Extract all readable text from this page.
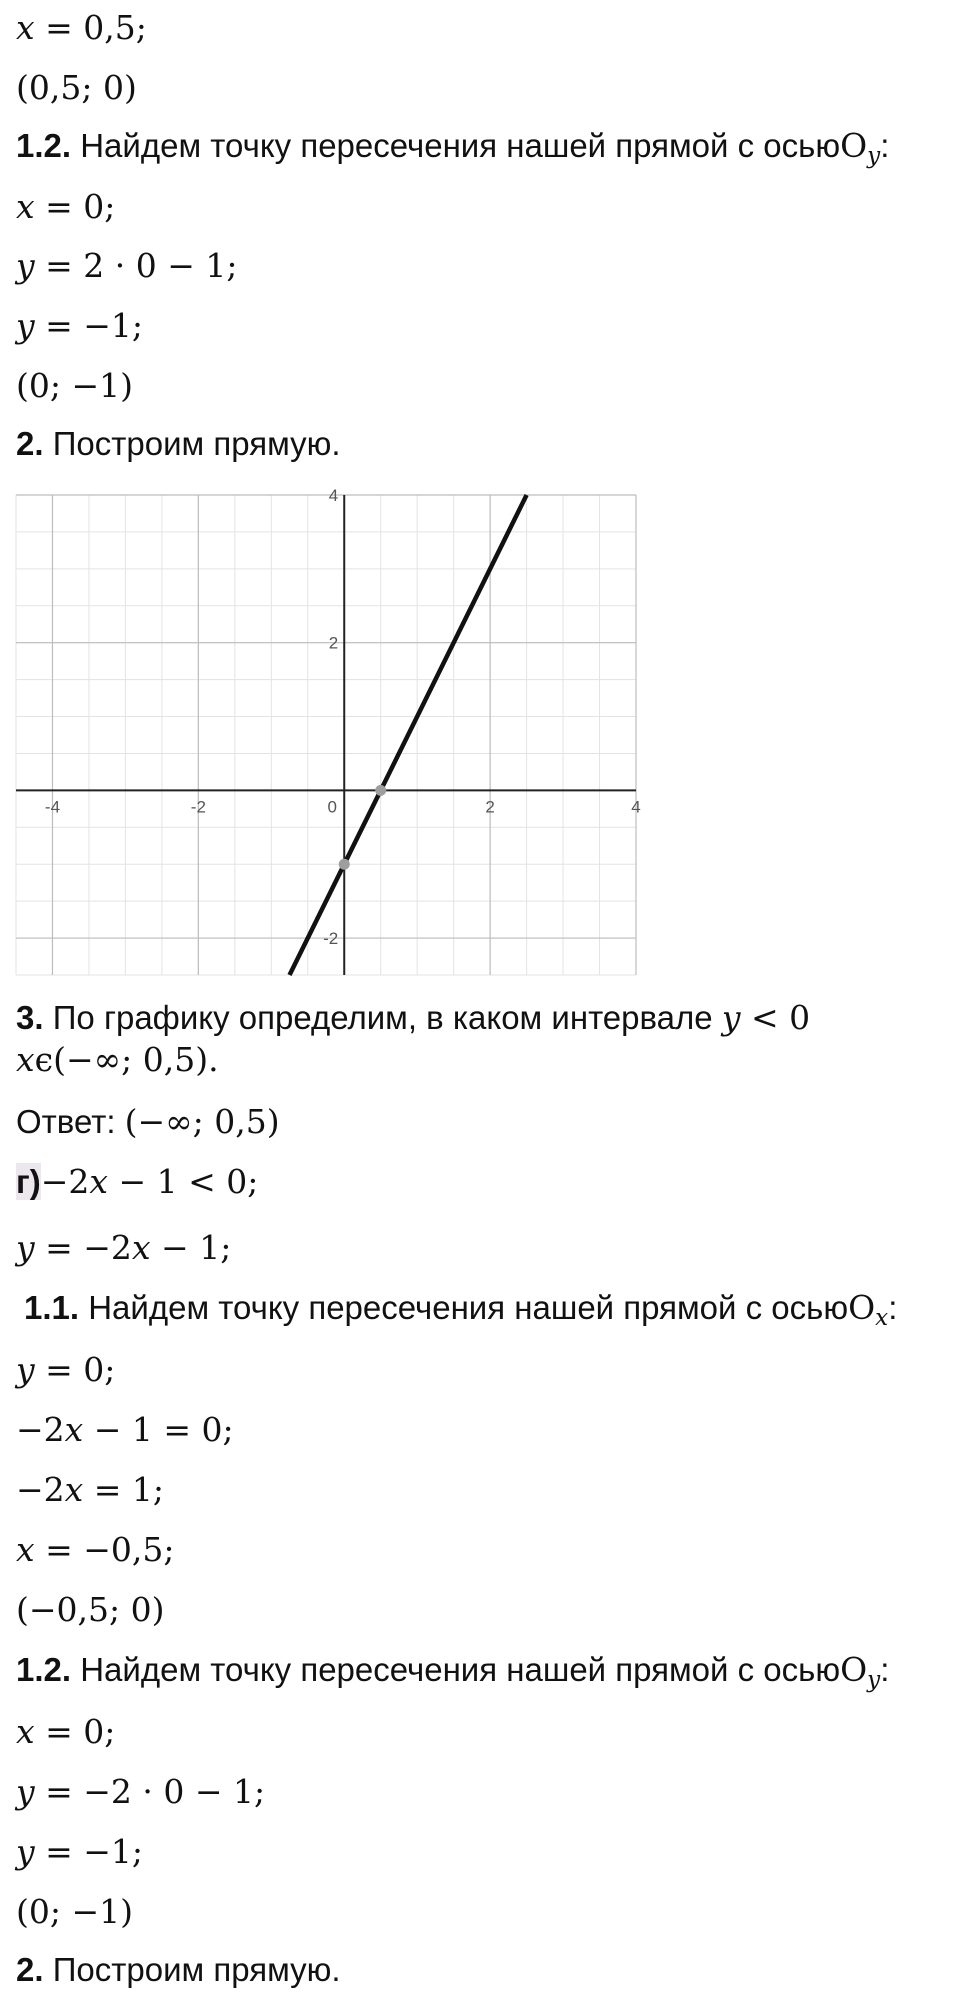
x = 0,5;
(0,5; 0)
1.2. Найдем точку пересечения нашей прямой с осьюO$_y$:
x = 0;
y = 2 · 0 − 1;
y = −1;
(0; −1)
2. Построим прямую.
-4	-2	0	2	4
4
2
-2
3. По графику определим, в каком интервале y < 0
xϵ(−∞; 0,5).
Ответ: (−∞; 0,5)
г)−2x − 1 < 0;
y = −2x − 1;
1.1. Найдем точку пересечения нашей прямой с осьюO$_x$:
y = 0;
−2x − 1 = 0;
−2x = 1;
x = −0,5;
(−0,5; 0)
1.2. Найдем точку пересечения нашей прямой с осьюO$_y$:
x = 0;
y = −2 · 0 − 1;
y = −1;
(0; −1)
2. Построим прямую.
